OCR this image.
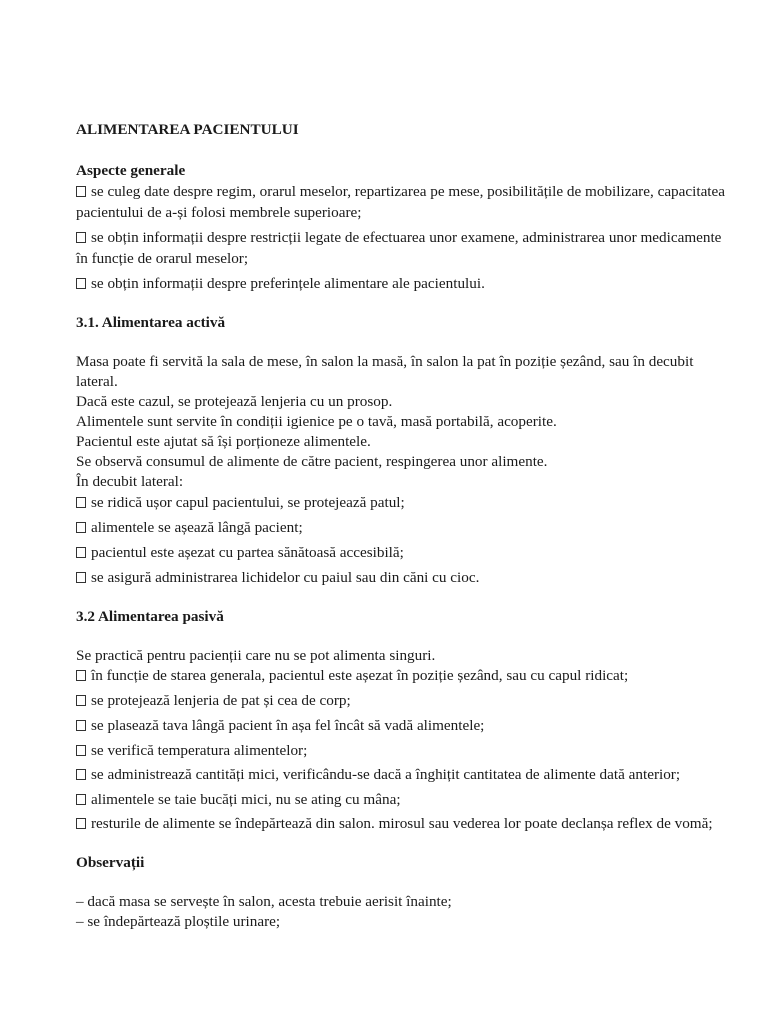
ALIMENTAREA PACIENTULUI

Aspecte generale

se culeg date despre regim, orarul meselor, repartizarea pe mese, posibilitățile de mobilizare, capacitatea pacientului de a-și folosi membrele superioare;

se obțin informații despre restricții legate de efectuarea unor examene, administrarea unor medicamente în funcție de orarul meselor;

se obțin informații despre preferințele alimentare ale pacientului.

3.1. Alimentarea activă

Masa poate fi servită la sala de mese, în salon la masă, în salon la pat în poziție șezând, sau în decubit lateral.

Dacă este cazul, se protejează lenjeria cu un prosop.

Alimentele sunt servite în condiții igienice pe o tavă, masă portabilă, acoperite.

Pacientul este ajutat să își porționeze alimentele.

Se observă consumul de alimente de către pacient, respingerea unor alimente.

În decubit lateral:

se ridică ușor capul pacientului, se protejează patul;

alimentele se așează lângă pacient;

pacientul este așezat cu partea sănătoasă accesibilă;

se asigură administrarea lichidelor cu paiul sau din căni cu cioc.

3.2 Alimentarea pasivă

Se practică pentru pacienții care nu se pot alimenta singuri.

în funcție de starea generala, pacientul este așezat în poziție șezând, sau cu capul ridicat;

se protejează lenjeria de pat și cea de corp;

se plasează tava lângă pacient în așa fel încât să vadă alimentele;

se verifică temperatura alimentelor;

se administrează cantități mici, verificându-se dacă a înghițit cantitatea de alimente dată anterior;

alimentele se taie bucăți mici, nu se ating cu mâna;

resturile de alimente se îndepărtează din salon. mirosul sau vederea lor poate declanșa reflex de vomă;

Observații

– dacă masa se servește în salon, acesta trebuie aerisit înainte;

– se îndepărtează ploștile urinare;
